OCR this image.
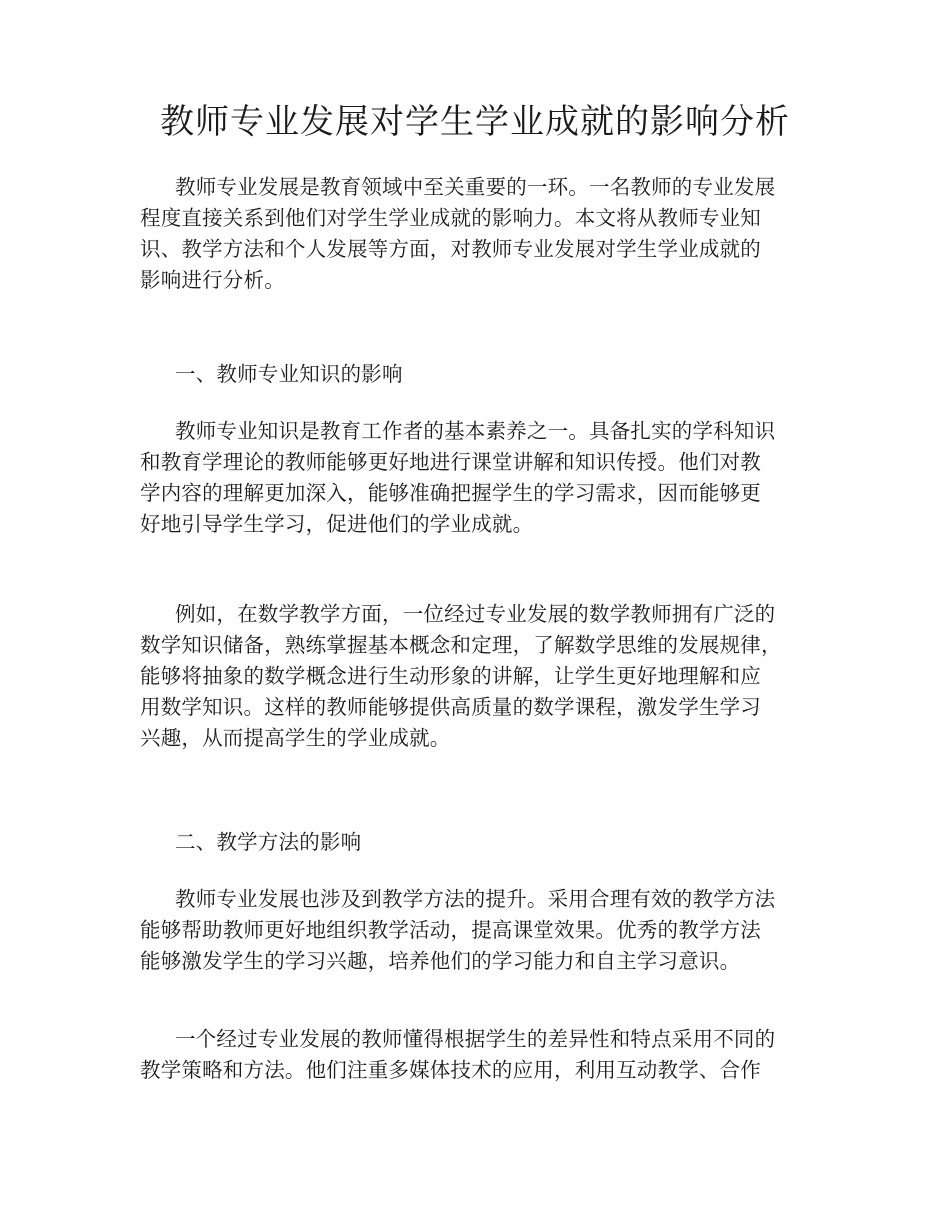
教师专业发展对学生学业成就的影响分析
教师专业发展是教育领域中至关重要的一环。一名教师的专业发展
程度直接关系到他们对学生学业成就的影响力。本文将从教师专业知
识、教学方法和个人发展等方面，对教师专业发展对学生学业成就的
影响进行分析。
一、教师专业知识的影响
教师专业知识是教育工作者的基本素养之一。具备扎实的学科知识
和教育学理论的教师能够更好地进行课堂讲解和知识传授。他们对教
学内容的理解更加深入，能够准确把握学生的学习需求，因而能够更
好地引导学生学习，促进他们的学业成就。
例如，在数学教学方面，一位经过专业发展的数学教师拥有广泛的
数学知识储备，熟练掌握基本概念和定理，了解数学思维的发展规律，
能够将抽象的数学概念进行生动形象的讲解，让学生更好地理解和应
用数学知识。这样的教师能够提供高质量的数学课程，激发学生学习
兴趣，从而提高学生的学业成就。
二、教学方法的影响
教师专业发展也涉及到教学方法的提升。采用合理有效的教学方法
能够帮助教师更好地组织教学活动，提高课堂效果。优秀的教学方法
能够激发学生的学习兴趣，培养他们的学习能力和自主学习意识。
一个经过专业发展的教师懂得根据学生的差异性和特点采用不同的
教学策略和方法。他们注重多媒体技术的应用，利用互动教学、合作
